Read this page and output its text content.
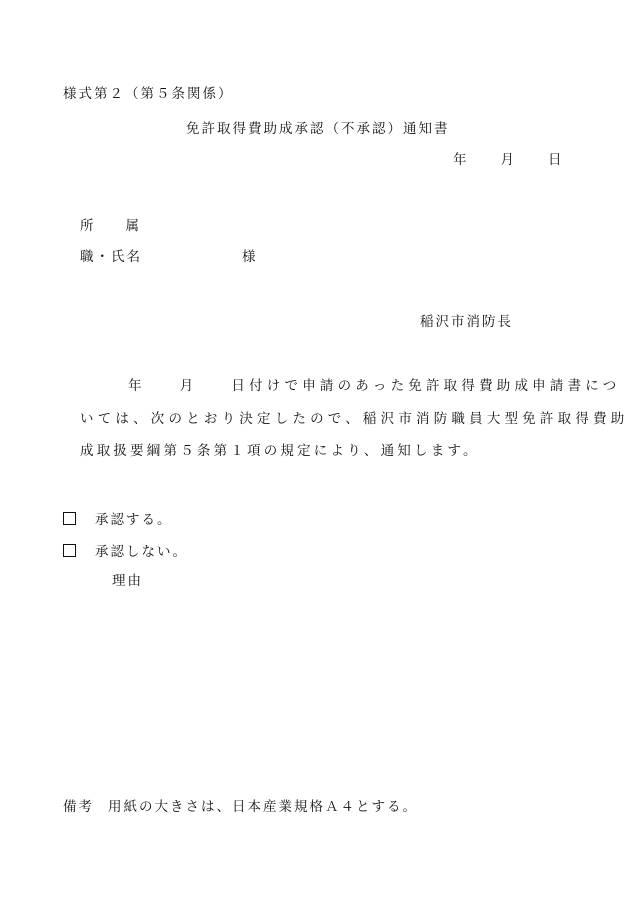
様式第２（第５条関係）
免許取得費助成承認（不承認）通知書
年 月 日
所 属
職・氏名	様
稲沢市消防長
年	月	日付けで申請のあった免許取得費助成申請書につ
いては、次のとおり決定したので、稲沢市消防職員大型免許取得費助
成取扱要綱第５条第１項の規定により、通知します。
承認する。
承認しない。
理由
備考 用紙の大きさは、日本産業規格Ａ４とする。
